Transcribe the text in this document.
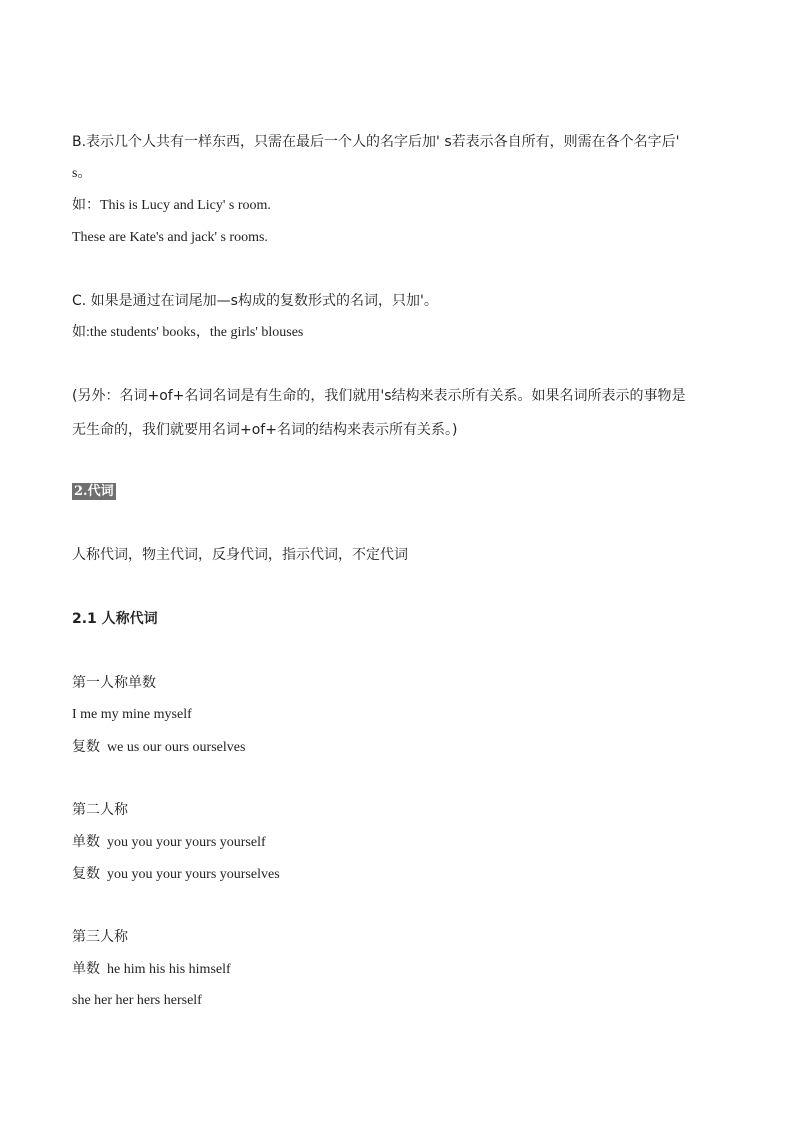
B.表示几个人共有一样东西，只需在最后一个人的名字后加' s若表示各自所有，则需在各个名字后'

s。

如：This is Lucy and Licy' s room.

These are Kate's and jack' s rooms.

C. 如果是通过在词尾加—s构成的复数形式的名词，只加'。

如:the students' books，the girls' blouses

(另外：名词+of+名词名词是有生命的，我们就用's结构来表示所有关系。如果名词所表示的事物是

无生命的，我们就要用名词+of+名词的结构来表示所有关系。)

2.代词

人称代词，物主代词，反身代词，指示代词，不定代词

2.1 人称代词

第一人称单数

I me my mine myself

复数 we us our ours ourselves

第二人称

单数 you you your yours yourself

复数 you you your yours yourselves

第三人称

单数 he him his his himself

she her her hers herself
